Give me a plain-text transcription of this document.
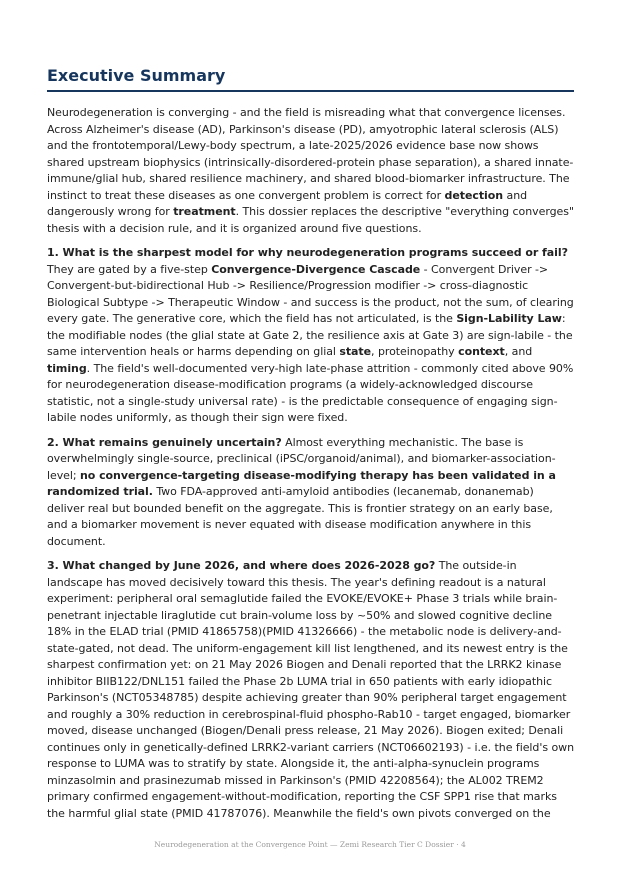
Executive Summary

Neurodegeneration is converging - and the field is misreading what that convergence licenses. Across Alzheimer's disease (AD), Parkinson's disease (PD), amyotrophic lateral sclerosis (ALS) and the frontotemporal/Lewy-body spectrum, a late-2025/2026 evidence base now shows shared upstream biophysics (intrinsically-disordered-protein phase separation), a shared innate-immune/glial hub, shared resilience machinery, and shared blood-biomarker infrastructure. The instinct to treat these diseases as one convergent problem is correct for detection and dangerously wrong for treatment. This dossier replaces the descriptive "everything converges" thesis with a decision rule, and it is organized around five questions.

1. What is the sharpest model for why neurodegeneration programs succeed or fail? They are gated by a five-step Convergence-Divergence Cascade - Convergent Driver -> Convergent-but-bidirectional Hub -> Resilience/Progression modifier -> cross-diagnostic Biological Subtype -> Therapeutic Window - and success is the product, not the sum, of clearing every gate. The generative core, which the field has not articulated, is the Sign-Lability Law: the modifiable nodes (the glial state at Gate 2, the resilience axis at Gate 3) are sign-labile - the same intervention heals or harms depending on glial state, proteinopathy context, and timing. The field's well-documented very-high late-phase attrition - commonly cited above 90% for neurodegeneration disease-modification programs (a widely-acknowledged discourse statistic, not a single-study universal rate) - is the predictable consequence of engaging sign-labile nodes uniformly, as though their sign were fixed.

2. What remains genuinely uncertain? Almost everything mechanistic. The base is overwhelmingly single-source, preclinical (iPSC/organoid/animal), and biomarker-association-level; no convergence-targeting disease-modifying therapy has been validated in a randomized trial. Two FDA-approved anti-amyloid antibodies (lecanemab, donanemab) deliver real but bounded benefit on the aggregate. This is frontier strategy on an early base, and a biomarker movement is never equated with disease modification anywhere in this document.

3. What changed by June 2026, and where does 2026-2028 go? The outside-in landscape has moved decisively toward this thesis. The year's defining readout is a natural experiment: peripheral oral semaglutide failed the EVOKE/EVOKE+ Phase 3 trials while brain-penetrant injectable liraglutide cut brain-volume loss by ~50% and slowed cognitive decline 18% in the ELAD trial (PMID 41865758)(PMID 41326666) - the metabolic node is delivery-and-state-gated, not dead. The uniform-engagement kill list lengthened, and its newest entry is the sharpest confirmation yet: on 21 May 2026 Biogen and Denali reported that the LRRK2 kinase inhibitor BIIB122/DNL151 failed the Phase 2b LUMA trial in 650 patients with early idiopathic Parkinson's (NCT05348785) despite achieving greater than 90% peripheral target engagement and roughly a 30% reduction in cerebrospinal-fluid phospho-Rab10 - target engaged, biomarker moved, disease unchanged (Biogen/Denali press release, 21 May 2026). Biogen exited; Denali continues only in genetically-defined LRRK2-variant carriers (NCT06602193) - i.e. the field's own response to LUMA was to stratify by state. Alongside it, the anti-alpha-synuclein programs minzasolmin and prasinezumab missed in Parkinson's (PMID 42208564); the AL002 TREM2 primary confirmed engagement-without-modification, reporting the CSF SPP1 rise that marks the harmful glial state (PMID 41787076). Meanwhile the field's own pivots converged on the

Neurodegeneration at the Convergence Point — Zemi Research Tier C Dossier · 4
